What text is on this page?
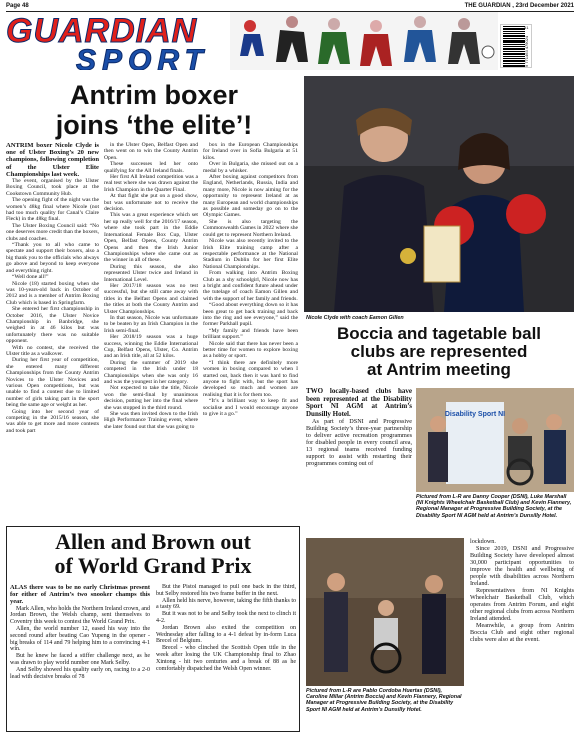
Page 48	THE GUARDIAN , 23rd December 2021
GUARDIAN
SPORT	9 771463 479024
51
Antrim boxer
joins ‘the elite’!

ANTRIM boxer Nicole Clyde is one of Ulster Boxing’s 20 new champions, following completion of the Ulster Elite Championships last week.

The event, organised by the Ulster Boxing Council, took place at the Cookstown Community Hub.

The opening fight of the night was the women’s 48kg final where Nicole (not had too much quality for Canal’s Claire Fleck) in the 48kg final.

The Ulster Boxing Council said: “No one deserves more credit than the boxers, clubs and coaches.

“Thank you to all who came to spectate and support their boxers, also a big thank you to the officials who always go above and beyond to keep everyone and everything right.

“Well done all!”

Nicole (18) started boxing when she was 10-years-old back in October of 2012 and is a member of Antrim Boxing Club which is based in Springfarm.

She entered her first championship in October 2016, the Ulster Novice Championship in Banbridge, she weighed in at 46 kilos but was unfortunately there was no suitable opponent.

With no contest, she received the Ulster title as a walkover.

During her first year of competition, she entered many different Championships from the County Antrim Novices to the Ulster Novices and various Open competitions, but was unable to find a contest due to limited number of girls taking part in the sport being the same age or weight as her.

Going into her second year of competing in the 2015/16 season, she was able to get more and more contests and took part

in the Ulster Open, Belfast Open and then went on to win the County Antrim Open.

These successes led her onto qualifying for the All Ireland finals.

Her first All Ireland competition was a real test where she was drawn against the Irish Champion in the Quarter Final.

At that fight she put on a good show, but was unfortunate not to receive the decision.

This was a great experience which set her up really well for the 2016/17 season, where she took part in the Eddie International Female Box Cup, Ulster Open, Belfast Opens, County Antrim Opens and then the Irish Junior Championships where she came out as the winner in all of these.

During this season, she also represented Ulster twice and Ireland in International Level.

Her 2017/18 season was no test successful, but she still came away with titles in the Belfast Opens and claimed the titles at both the County Antrim and Ulster Championships.

In that season, Nicole was unfortunate to be beaten by an Irish Champion in the Irish semi-final.

Her 2018/19 season was a huge success, winning the Eddie International Cup, Belfast Opens, Ulster, Co. Antrim and an Irish title, all at 52 kilos.

During the summer of 2019 she competed in the Irish under 18 Championships when she was only 16 and was the youngest in her category.

Not expected to take the title, Nicole won the semi-final by unanimous decision, putting her into the final where she was stopped in the third round.

She was then invited down to the Irish High Performance Training event, where she later found out that she was going to

box in the European Championships for Ireland over in Sofia Bulgaria at 51 kilos.

Over in Bulgaria, she missed out on a medal by a whisker.

After boxing against competitors from England, Netherlands, Russia, India and many more, Nicole is now aiming for the opportunity to represent Ireland at as many European and world championships as possible and someday go on to the Olympic Games.

She is also targeting the Commonwealth Games in 2022 where she could get to represent Northern Ireland.

Nicole was also recently invited to the Irish Elite training camp after a respectable performance at the National Stadium in Dublin for her first Elite National Championships.

From walking into Antrim Boxing Club as a shy schoolgirl, Nicole now has a bright and confident future ahead under the tutelage of coach Eamon Gillen and with the support of her family and friends.

“Good about everything down so it has been great to get back training and back into the ring and see everyone,” said the former Parkhall pupil.

“My family and friends have been brilliant support.”

Nicole said that there has never been a better time for women to explore boxing as a hobby or sport.

“I think there are definitely more women in boxing compared to when I started out, back then it was hard to find anyone to fight with, but the sport has developed so much and women are realising that it is for them too.

“It’s a brilliant way to keep fit and socialise and I would encourage anyone to give it a go.”

Nicole Clyde with coach Eamon Gillen
Boccia and tagetable ball
clubs are represented
at Antrim meeting

TWO locally-based clubs have been represented at the Disability Sport NI AGM at Antrim’s Dunsilly Hotel.

As part of DSNI and Progressive Building Society’s three-year partnership to deliver active recreation programmes for disabled people in every council area, 13 regional teams received funding support to assist with restarting their programmes coming out of

Disability Sport NI
Pictured from L-R are Danny Cooper (DSNI), Luke Marshall (NI Knights Wheelchair Basketball Club) and Kevin Flannery, Regional Manager at Progressive Building Society, at the Disability Sport NI AGM held at Antrim’s Dunsilly Hotel.
Pictured from L-R are Pablo Cordoba Huertas (DSNI), Caroline Millar (Antrim Boccia) and Kevin Flannery, Regional Manager at Progressive Building Society, at the Disability Sport NI AGM held at Antrim’s Dunsilly Hotel.

lockdown.

Since 2019, DSNI and Progressive Building Society have developed almost 30,000 participant opportunities to improve the health and wellbeing of people with disabilities across Northern Ireland.

Representatives from NI Knights Wheelchair Basketball Club, which operates from Antrim Forum, and eight other regional clubs from across Northern Ireland attended.

Meanwhile, a group from Antrim Boccia Club and eight other regional clubs were also at the event.

Allen and Brown out
of World Grand Prix

ALAS there was to be no early Christmas present for either of Antrim’s two snooker champs this year.

Mark Allen, who holds the Northern Ireland crown, and Jordan Brown, the Welsh champ, sent themselves to Coventry this week to contest the World Grand Prix.

Allen, the world number 12, eased his way into the second round after beating Cao Yupeng in the opener - big breaks of 114 and 79 helping him to a convincing 4-1 win.

But he knew he faced a stiffer challenge next, as he was drawn to play world number one Mark Selby.

And Selby showed his quality early on, racing to a 2-0 lead with decisive breaks of 78

But the Pistol managed to pull one back in the third, but Selby restored his two frame buffer in the next.

Allen held his nerve, however, taking the fifth thanks to a tasty 69.

But it was not to be and Selby took the next to clinch it 4-2.

Jordan Brown also exited the competition on Wednesday after falling to a 4-1 defeat by in-form Luca Brecel of Belgium.

Brecel - who clinched the Scottish Open title in the week after losing the UK Championship final to Zhao Xintong - hit two centuries and a break of 88 as he comfortably dispatched the Welsh Open winner.
